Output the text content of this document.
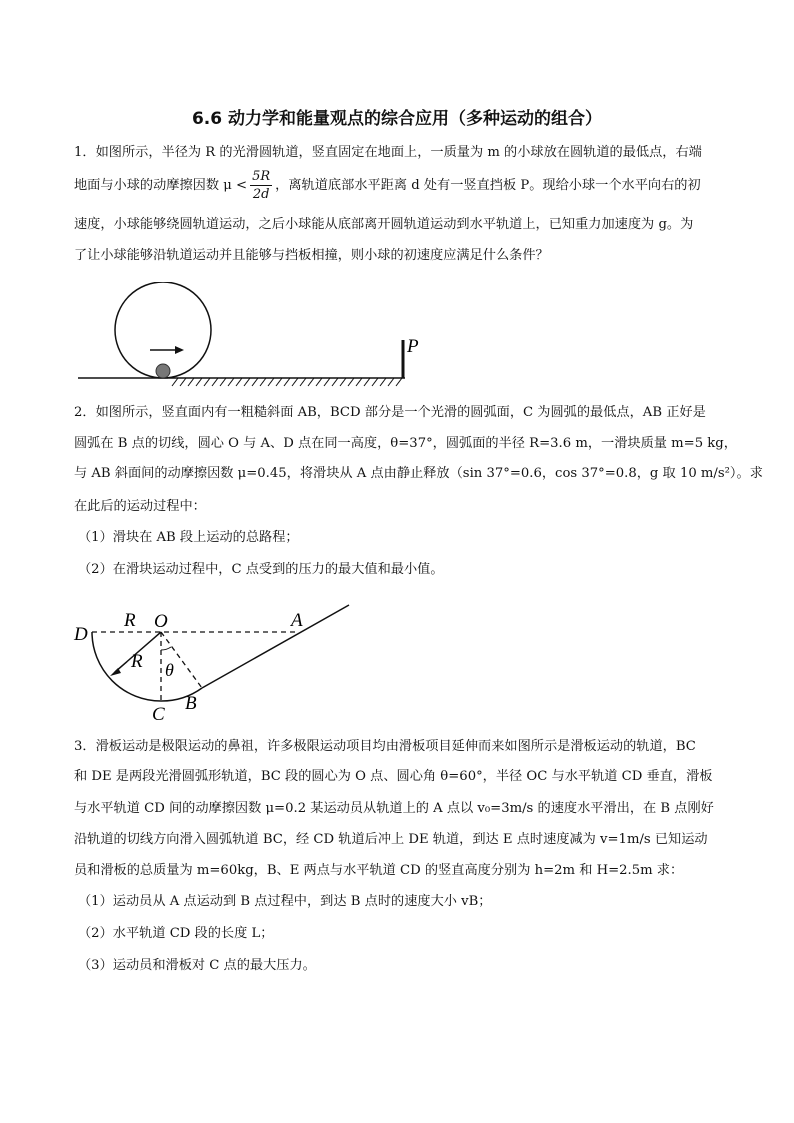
6.6 动力学和能量观点的综合应用（多种运动的组合）
1．如图所示，半径为 R 的光滑圆轨道，竖直固定在地面上，一质量为 m 的小球放在圆轨道的最低点，右端
地面与小球的动摩擦因数 $\mu < \frac{5R}{2d}$ ，离轨道底部水平距离 d 处有一竖直挡板 P。现给小球一个水平向右的初
速度，小球能够绕圆轨道运动，之后小球能从底部离开圆轨道运动到水平轨道上，已知重力加速度为 g。为
了让小球能够沿轨道运动并且能够与挡板相撞，则小球的初速度应满足什么条件？
P
2．如图所示，竖直面内有一粗糙斜面 AB，BCD 部分是一个光滑的圆弧面，C 为圆弧的最低点，AB 正好是
圆弧在 B 点的切线，圆心 O 与 A、D 点在同一高度，θ=37°，圆弧面的半径 R=3.6 m，一滑块质量 m=5 kg，
与 AB 斜面间的动摩擦因数 μ=0.45，将滑块从 A 点由静止释放（sin 37°=0.6，cos 37°=0.8，g 取 10 m/s²）。求
在此后的运动过程中：
（1）滑块在 AB 段上运动的总路程；
（2）在滑块运动过程中，C 点受到的压力的最大值和最小值。
D
R O	A
R θ
B
C
3．滑板运动是极限运动的鼻祖，许多极限运动项目均由滑板项目延伸而来如图所示是滑板运动的轨道，BC
和 DE 是两段光滑圆弧形轨道，BC 段的圆心为 O 点、圆心角 θ=60°，半径 OC 与水平轨道 CD 垂直，滑板
与水平轨道 CD 间的动摩擦因数 μ=0.2 某运动员从轨道上的 A 点以 v₀=3m/s 的速度水平滑出，在 B 点刚好
沿轨道的切线方向滑入圆弧轨道 BC，经 CD 轨道后冲上 DE 轨道，到达 E 点时速度减为 v=1m/s 已知运动
员和滑板的总质量为 m=60kg，B、E 两点与水平轨道 CD 的竖直高度分别为 h=2m 和 H=2.5m 求：
（1）运动员从 A 点运动到 B 点过程中，到达 B 点时的速度大小 vB；
（2）水平轨道 CD 段的长度 L；
（3）运动员和滑板对 C 点的最大压力。
